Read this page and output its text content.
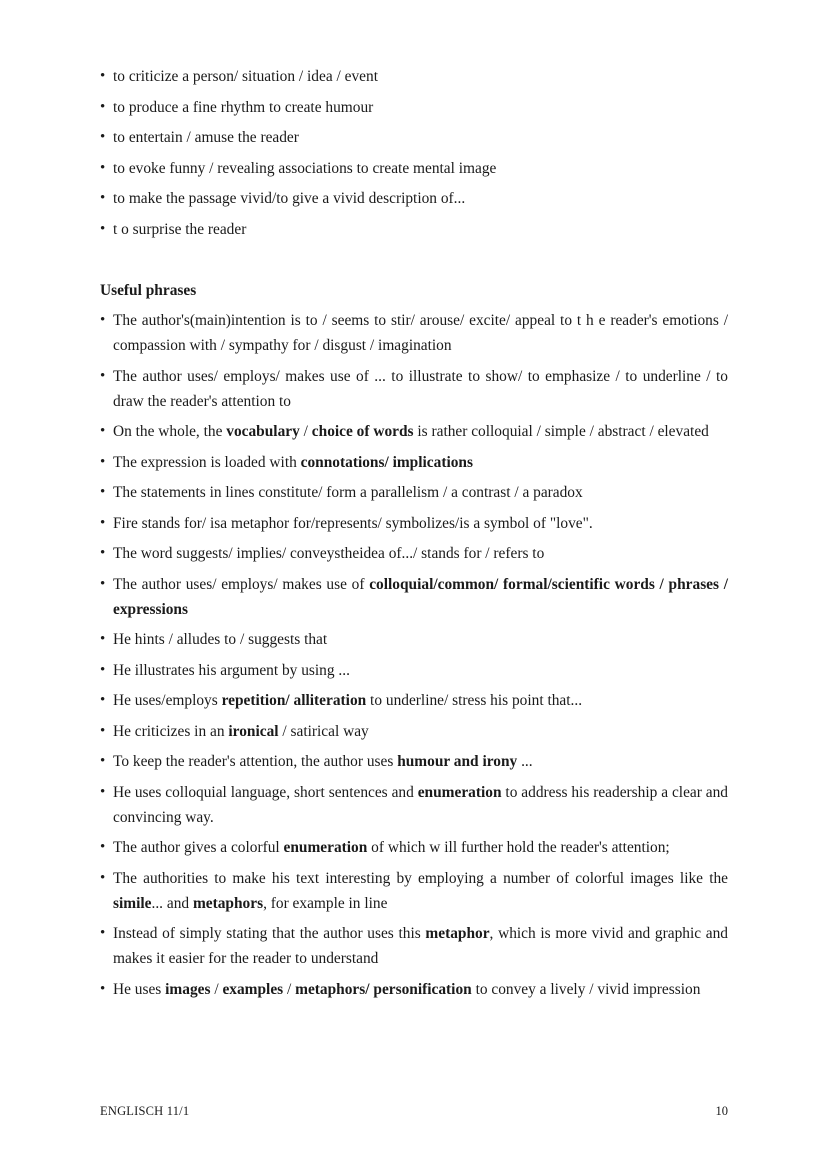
• to criticize a person/ situation / idea / event
• to produce a fine rhythm to create humour
• to entertain / amuse the reader
• to evoke funny / revealing associations to create mental image
• to make the passage vivid/to give a vivid description of...
• t o surprise the reader
Useful phrases
• The author's(main)intention is to / seems to stir/ arouse/ excite/ appeal to t h e reader's emotions / compassion with / sympathy for / disgust / imagination
• The author uses/ employs/ makes use of ... to illustrate to show/ to emphasize / to underline / to draw the reader's attention to
• On the whole, the vocabulary / choice of words is rather colloquial / simple / abstract / elevated
• The expression is loaded with connotations/ implications
• The statements in lines constitute/ form a parallelism / a contrast / a paradox
• Fire stands for/ isa metaphor for/represents/ symbolizes/is a symbol of "love".
• The word suggests/ implies/ conveystheidea of.../ stands for / refers to
• The author uses/ employs/ makes use of colloquial/common/ formal/scientific words / phrases / expressions
• He hints / alludes to / suggests that
• He illustrates his argument by using ...
• He uses/employs repetition/ alliteration to underline/ stress his point that...
• He criticizes in an ironical / satirical way
• To keep the reader's attention, the author uses humour and irony ...
• He uses colloquial language, short sentences and enumeration to address his readership a clear and convincing way.
• The author gives a colorful enumeration of which w ill further hold the reader's attention;
• The authorities to make his text interesting by employing a number of colorful images like the simile... and metaphors, for example in line
• Instead of simply stating that the author uses this metaphor, which is more vivid and graphic and makes it easier for the reader to understand
• He uses images / examples / metaphors/ personification to convey a lively / vivid impression
ENGLISCH 11/1	10
